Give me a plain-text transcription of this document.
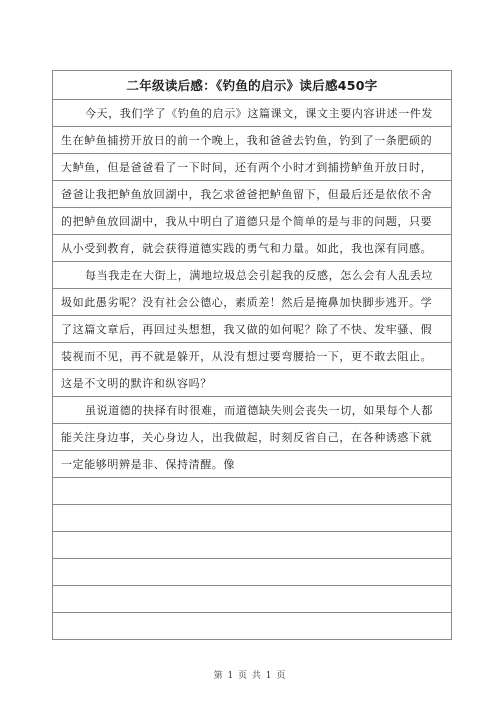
二年级读后感：《钓鱼的启示》读后感450字
今天，我们学了《钓鱼的启示》这篇课文，课文主要内容讲述一件发
生在鲈鱼捕捞开放日的前一个晚上，我和爸爸去钓鱼，钓到了一条肥硕的
大鲈鱼，但是爸爸看了一下时间，还有两个小时才到捕捞鲈鱼开放日时，
爸爸让我把鲈鱼放回湖中，我乞求爸爸把鲈鱼留下，但最后还是依依不舍
的把鲈鱼放回湖中，我从中明白了道德只是个简单的是与非的问题，只要
从小受到教育，就会获得道德实践的勇气和力量。如此，我也深有同感。
每当我走在大街上，满地垃圾总会引起我的反感，怎么会有人乱丢垃
圾如此愚劣呢？没有社会公德心，素质差！然后是掩鼻加快脚步逃开。学
了这篇文章后，再回过头想想，我又做的如何呢？除了不快、发牢骚、假
装视而不见，再不就是躲开，从没有想过要弯腰拾一下，更不敢去阻止。
这是不文明的默许和纵容吗？
虽说道德的抉择有时很难，而道德缺失则会丧失一切，如果每个人都
能关注身边事，关心身边人，出我做起，时刻反省自己，在各种诱惑下就
一定能够明辨是非、保持清醒。像
第 1 页 共 1 页
